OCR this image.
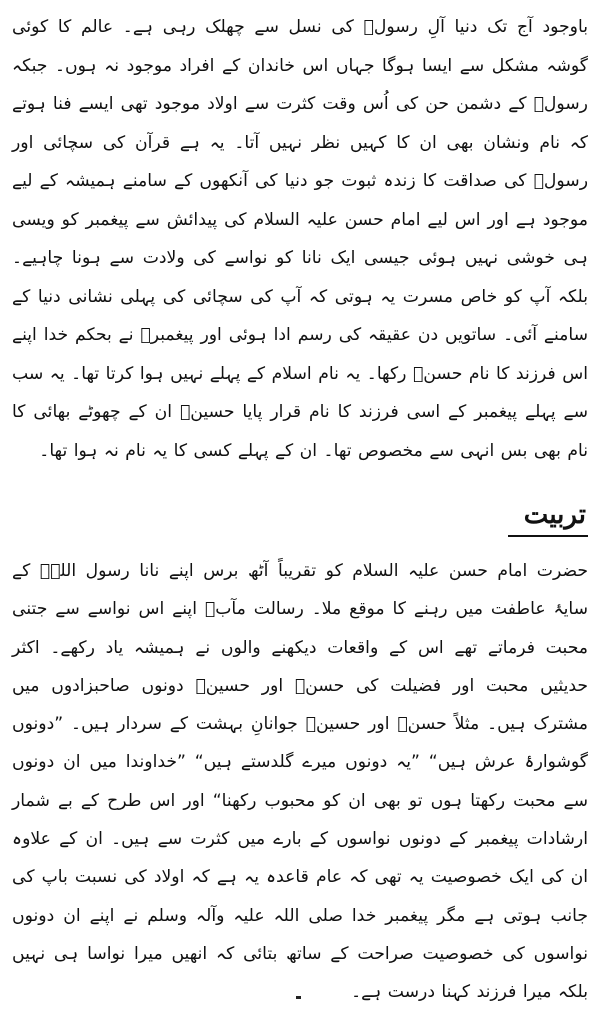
باوجود آج تک دنیا آلِ رسولؐ کی نسل سے چھلک رہی ہے۔ عالم کا کوئی گوشہ مشکل سے ایسا ہوگا جہاں اس خاندان کے افراد موجود نہ ہوں۔ جبکہ رسولؐ کے دشمن حن کی اُس وقت کثرت سے اولاد موجود تھی ایسے فنا ہوتے کہ نام ونشان بھی ان کا کہیں نظر نہیں آتا۔ یہ ہے قرآن کی سچائی اور رسولؐ کی صداقت کا زندہ ثبوت جو دنیا کی آنکھوں کے سامنے ہمیشہ کے لیے موجود ہے اور اس لیے امام حسن علیہ السلام کی پیدائش سے پیغمبر کو ویسی ہی خوشی نہیں ہوئی جیسی ایک نانا کو نواسے کی ولادت سے ہونا چاہیے۔ بلکہ آپ کو خاص مسرت یہ ہوتی کہ آپ کی سچائی کی پہلی نشانی دنیا کے سامنے آئی۔ ساتویں دن عقیقہ کی رسم ادا ہوئی اور پیغمبرؐ نے بحکم خدا اپنے اس فرزند کا نام حسنؑ رکھا۔ یہ نام اسلام کے پہلے نہیں ہوا کرتا تھا۔ یہ سب سے پہلے پیغمبر کے اسی فرزند کا نام قرار پایا حسینؑ ان کے چھوٹے بھائی کا نام بھی بس انہی سے مخصوص تھا۔ ان کے پہلے کسی کا یہ نام نہ ہوا تھا۔

تربیت

حضرت امام حسن علیہ السلام کو تقریباً آٹھ برس اپنے نانا رسول اللہؐ کے سایۂ عاطفت میں رہنے کا موقع ملا۔ رسالت مآبؐ اپنے اس نواسے سے جتنی محبت فرماتے تھے اس کے واقعات دیکھنے والوں نے ہمیشہ یاد رکھے۔ اکثر حدیثیں محبت اور فضیلت کی حسنؑ اور حسینؑ دونوں صاحبزادوں میں مشترک ہیں۔ مثلاً حسنؑ اور حسینؑ جوانانِ بہشت کے سردار ہیں۔ ”دونوں گوشوارۂ عرش ہیں“ ”یہ دونوں میرے گلدستے ہیں“ ”خداوندا میں ان دونوں سے محبت رکھتا ہوں تو بھی ان کو محبوب رکھنا“ اور اس طرح کے بے شمار ارشادات پیغمبر کے دونوں نواسوں کے بارے میں کثرت سے ہیں۔ ان کے علاوہ ان کی ایک خصوصیت یہ تھی کہ عام قاعدہ یہ ہے کہ اولاد کی نسبت باپ کی جانب ہوتی ہے مگر پیغمبر خدا صلی اللہ علیہ وآلہ وسلم نے اپنے ان دونوں نواسوں کی خصوصیت صراحت کے ساتھ بتائی کہ انھیں میرا نواسا ہی نہیں بلکہ میرا فرزند کہنا درست ہے۔
